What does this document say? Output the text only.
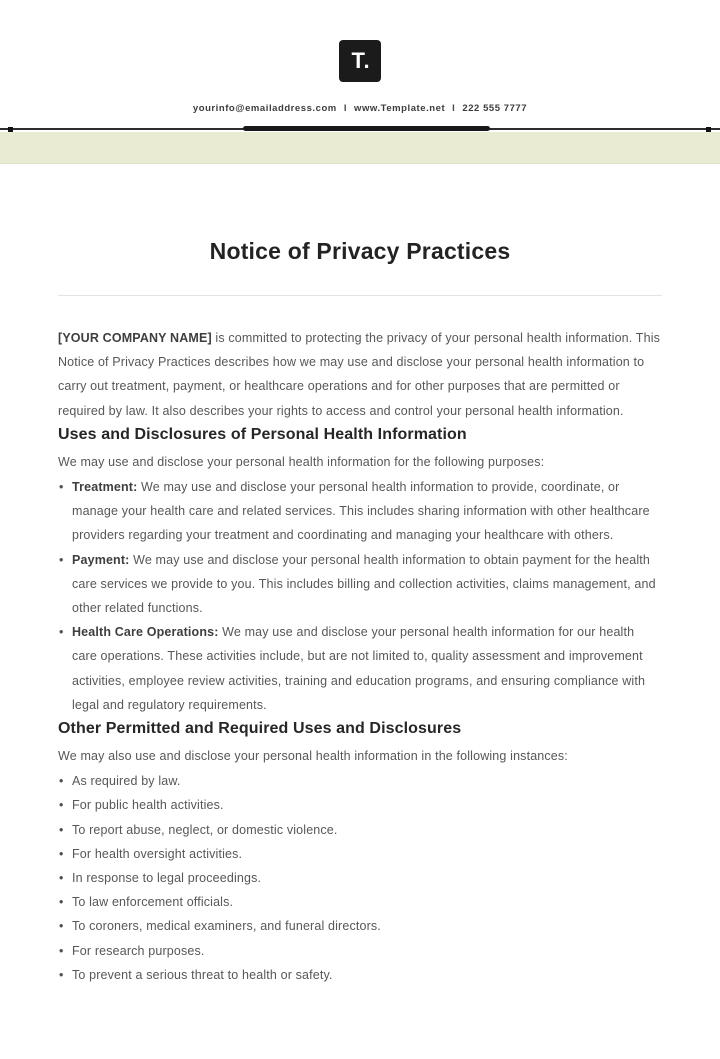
T.
yourinfo@emailaddress.com I www.Template.net I 222 555 7777
Notice of Privacy Practices

[YOUR COMPANY NAME] is committed to protecting the privacy of your personal health information. This Notice of Privacy Practices describes how we may use and disclose your personal health information to carry out treatment, payment, or healthcare operations and for other purposes that are permitted or required by law. It also describes your rights to access and control your personal health information.

Uses and Disclosures of Personal Health Information

We may use and disclose your personal health information for the following purposes:

• Treatment: We may use and disclose your personal health information to provide, coordinate, or manage your health care and related services. This includes sharing information with other healthcare providers regarding your treatment and coordinating and managing your healthcare with others.
• Payment: We may use and disclose your personal health information to obtain payment for the health care services we provide to you. This includes billing and collection activities, claims management, and other related functions.
• Health Care Operations: We may use and disclose your personal health information for our health care operations. These activities include, but are not limited to, quality assessment and improvement activities, employee review activities, training and education programs, and ensuring compliance with legal and regulatory requirements.
Other Permitted and Required Uses and Disclosures

We may also use and disclose your personal health information in the following instances:

• As required by law.
• For public health activities.
• To report abuse, neglect, or domestic violence.
• For health oversight activities.
• In response to legal proceedings.
• To law enforcement officials.
• To coroners, medical examiners, and funeral directors.
• For research purposes.
• To prevent a serious threat to health or safety.
